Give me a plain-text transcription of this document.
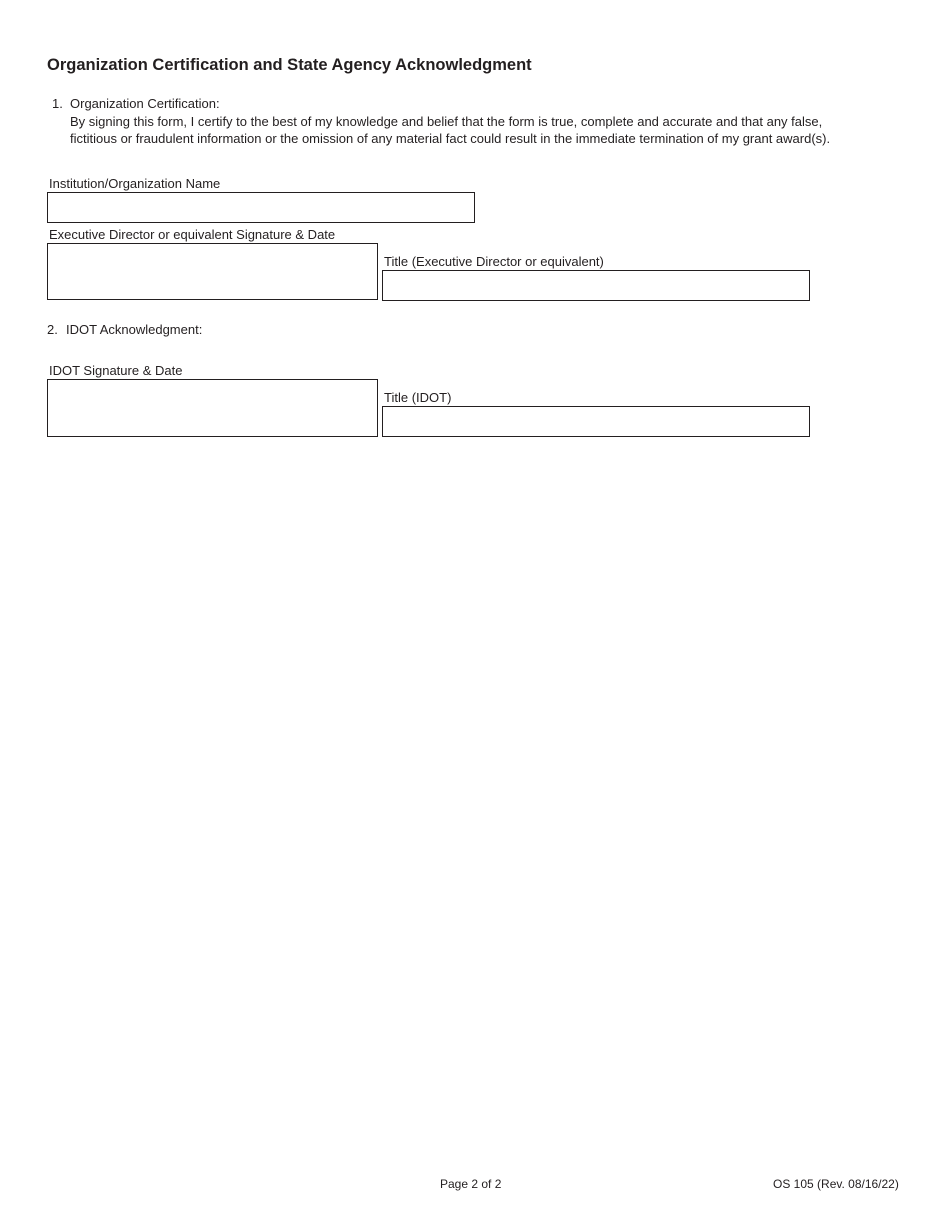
Organization Certification and State Agency Acknowledgment
1. Organization Certification:
By signing this form, I certify to the best of my knowledge and belief that the form is true, complete and accurate and that any false, fictitious or fraudulent information or the omission of any material fact could result in the immediate termination of my grant award(s).
Institution/Organization Name
Executive Director or equivalent Signature & Date
Title (Executive Director or equivalent)
2. IDOT Acknowledgment:
IDOT Signature & Date
Title (IDOT)
Page 2 of 2	OS 105 (Rev. 08/16/22)
